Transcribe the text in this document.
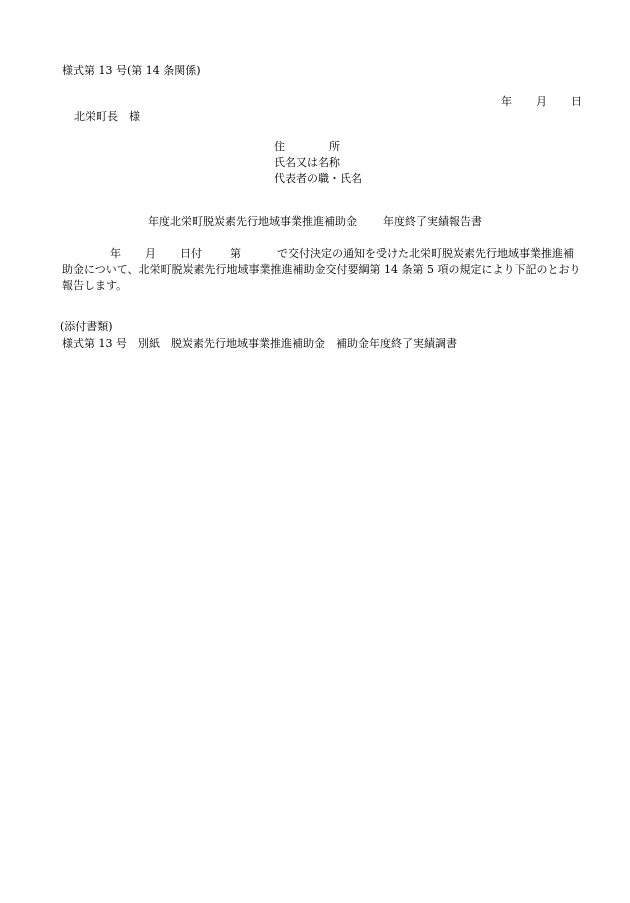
様式第 13 号(第 14 条関係)
年 月 日
北栄町長　様
住　　　　所
氏名又は名称
代表者の職・氏名
年度北栄町脱炭素先行地域事業推進補助金 年度終了実績報告書
年 月 日付	第	で交付決定の通知を受けた北栄町脱炭素先行地域事業推進補助金について、北栄町脱炭素先行地域事業推進補助金交付要綱第 14 条第 5 項の規定により下記のとおり報告します。
(添付書類)
様式第 13 号　別紙　脱炭素先行地域事業推進補助金　補助金年度終了実績調書
